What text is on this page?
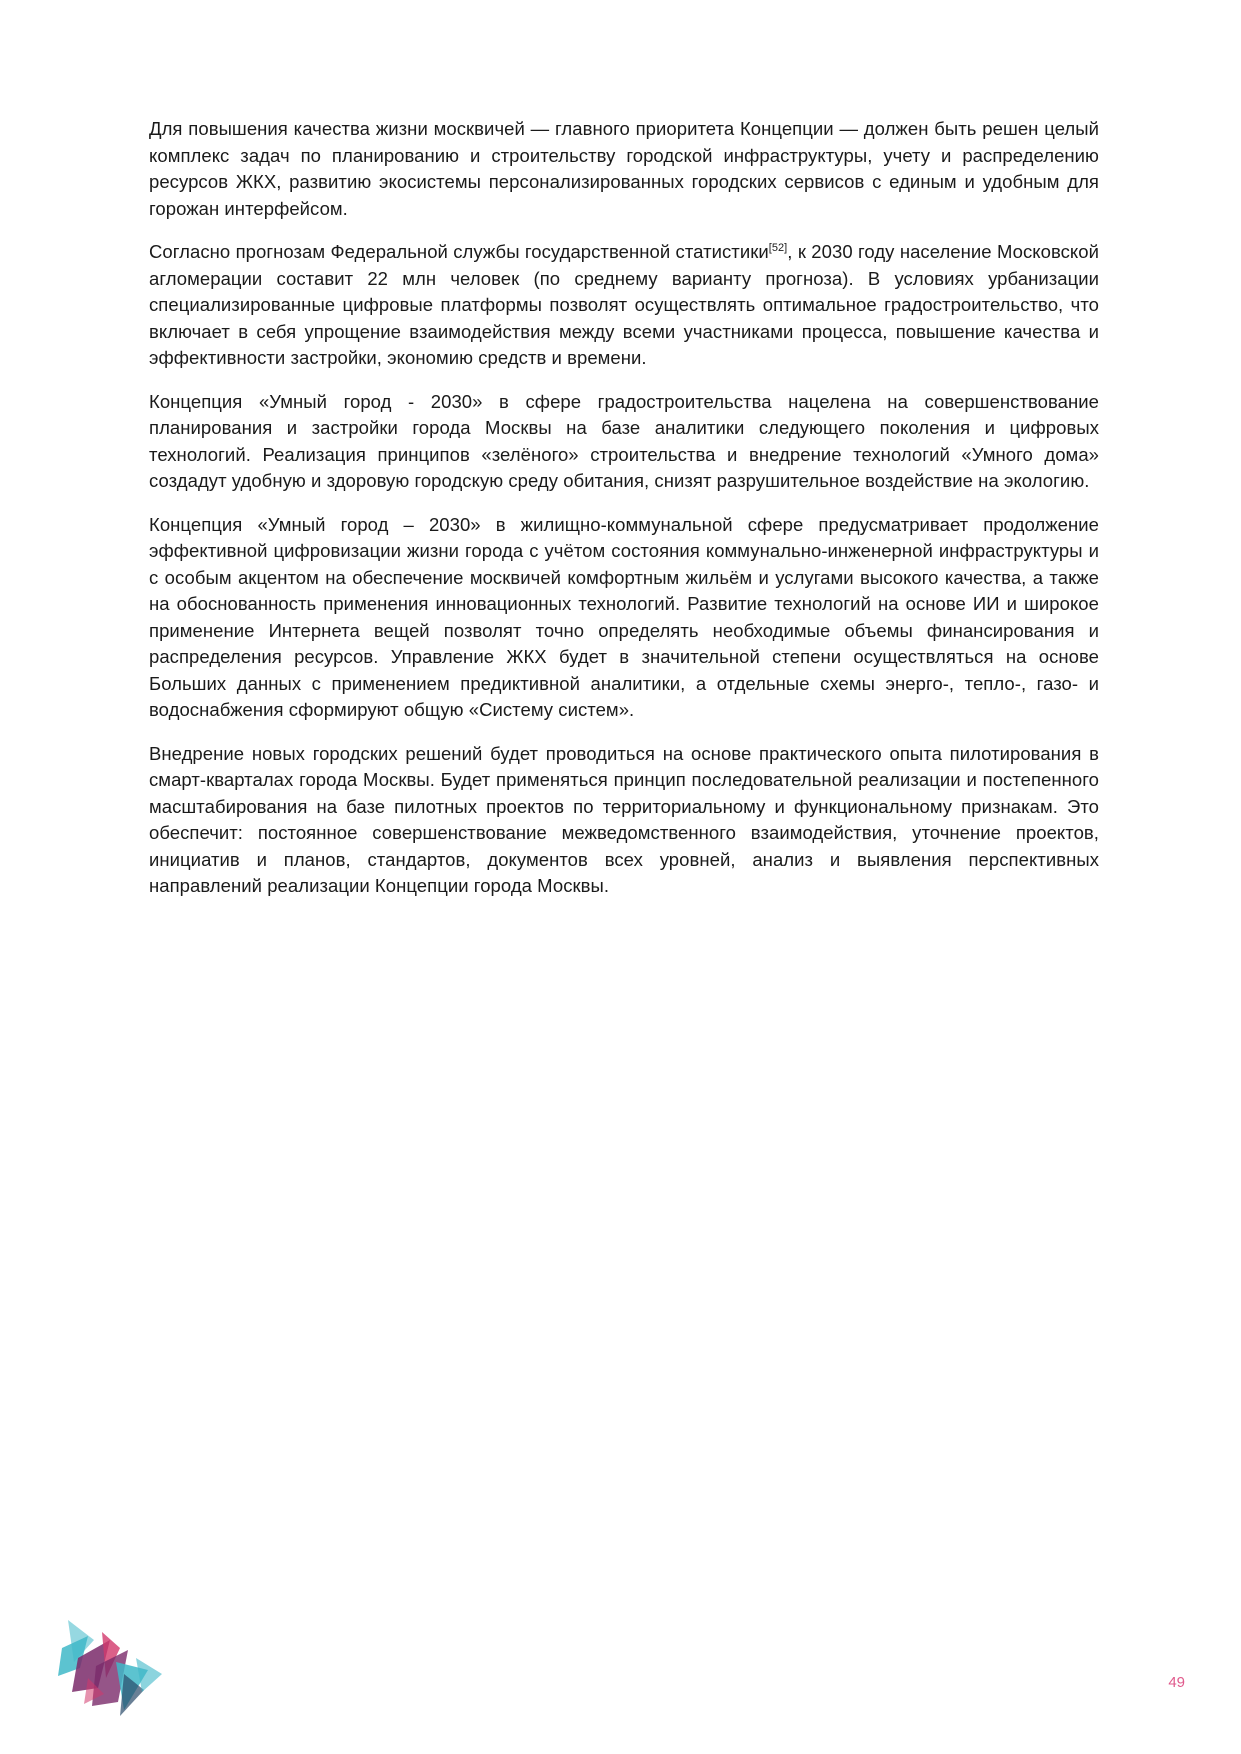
Для повышения качества жизни москвичей — главного приоритета Концепции — должен быть решен целый комплекс задач по планированию и строительству городской инфраструктуры, учету и распределению ресурсов ЖКХ, развитию экосистемы персонализированных городских сервисов с единым и удобным для горожан интерфейсом.

Согласно прогнозам Федеральной службы государственной статистики[52], к 2030 году население Московской агломерации составит 22 млн человек (по среднему варианту прогноза). В условиях урбанизации специализированные цифровые платформы позволят осуществлять оптимальное градостроительство, что включает в себя упрощение взаимодействия между всеми участниками процесса, повышение качества и эффективности застройки, экономию средств и времени.

Концепция «Умный город - 2030» в сфере градостроительства нацелена на совершенствование планирования и застройки города Москвы на базе аналитики следующего поколения и цифровых технологий. Реализация принципов «зелёного» строительства и внедрение технологий «Умного дома» создадут удобную и здоровую городскую среду обитания, снизят разрушительное воздействие на экологию.

Концепция «Умный город – 2030» в жилищно-коммунальной сфере предусматривает продолжение эффективной цифровизации жизни города с учётом состояния коммунально-инженерной инфраструктуры и с особым акцентом на обеспечение москвичей комфортным жильём и услугами высокого качества, а также на обоснованность применения инновационных технологий. Развитие технологий на основе ИИ и широкое применение Интернета вещей позволят точно определять необходимые объемы финансирования и распределения ресурсов. Управление ЖКХ будет в значительной степени осуществляться на основе Больших данных с применением предиктивной аналитики, а отдельные схемы энерго-, тепло-, газо- и водоснабжения сформируют общую «Систему систем».

Внедрение новых городских решений будет проводиться на основе практического опыта пилотирования в смарт-кварталах города Москвы. Будет применяться принцип последовательной реализации и постепенного масштабирования на базе пилотных проектов по территориальному и функциональному признакам. Это обеспечит: постоянное совершенствование межведомственного взаимодействия, уточнение проектов, инициатив и планов, стандартов, документов всех уровней, анализ и выявления перспективных направлений реализации Концепции города Москвы.

49
